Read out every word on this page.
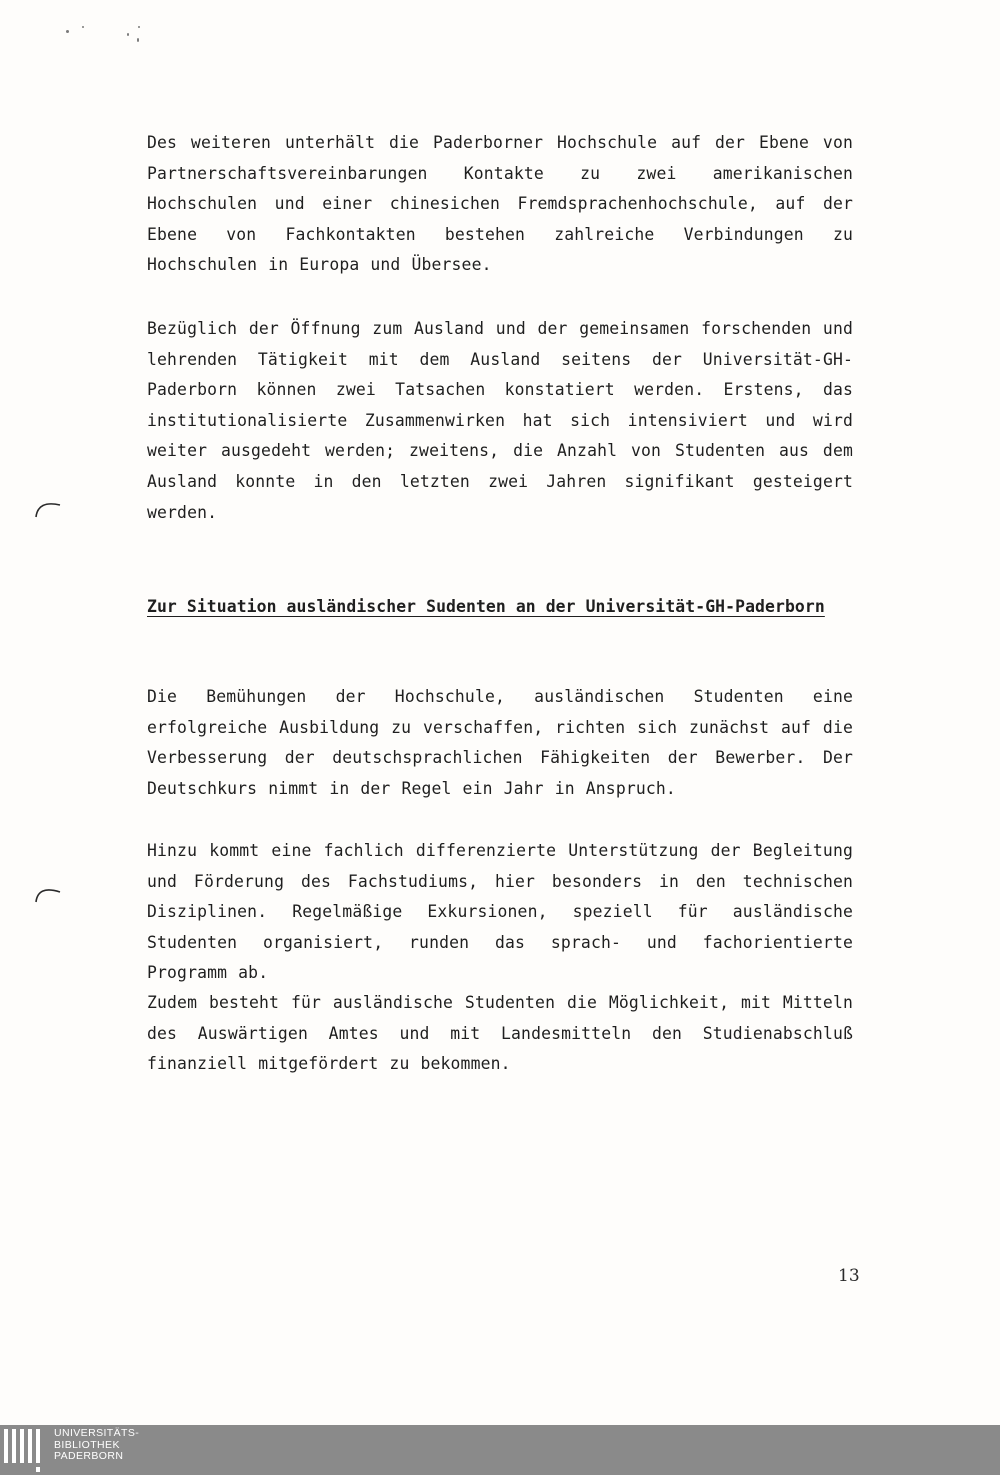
Des weiteren unterhält die Paderborner Hochschule auf der Ebene von Partnerschaftsvereinbarungen Kontakte zu zwei amerikanischen Hochschulen und einer chinesichen Fremdsprachenhochschule, auf der Ebene von Fachkontakten bestehen zahlreiche Verbindungen zu Hochschulen in Europa und Übersee.

Bezüglich der Öffnung zum Ausland und der gemeinsamen forschenden und lehrenden Tätigkeit mit dem Ausland seitens der Universität-GH-Paderborn können zwei Tatsachen konstatiert werden. Erstens, das institutionalisierte Zusammenwirken hat sich intensiviert und wird weiter ausgedeht werden; zweitens, die Anzahl von Studenten aus dem Ausland konnte in den letzten zwei Jahren signifikant gesteigert werden.

Zur Situation ausländischer Sudenten an der Universität-GH-Paderborn

Die Bemühungen der Hochschule, ausländischen Studenten eine erfolgreiche Ausbildung zu verschaffen, richten sich zunächst auf die Verbesserung der deutschsprachlichen Fähigkeiten der Bewerber. Der Deutschkurs nimmt in der Regel ein Jahr in Anspruch.

Hinzu kommt eine fachlich differenzierte Unterstützung der Begleitung und Förderung des Fachstudiums, hier besonders in den technischen Disziplinen. Regelmäßige Exkursionen, speziell für ausländische Studenten organisiert, runden das sprach- und fachorientierte Programm ab.

Zudem besteht für ausländische Studenten die Möglichkeit, mit Mitteln des Auswärtigen Amtes und mit Landesmitteln den Studienabschluß finanziell mitgefördert zu bekommen.

13
UNIVERSITÄTS-
BIBLIOTHEK
PADERBORN
